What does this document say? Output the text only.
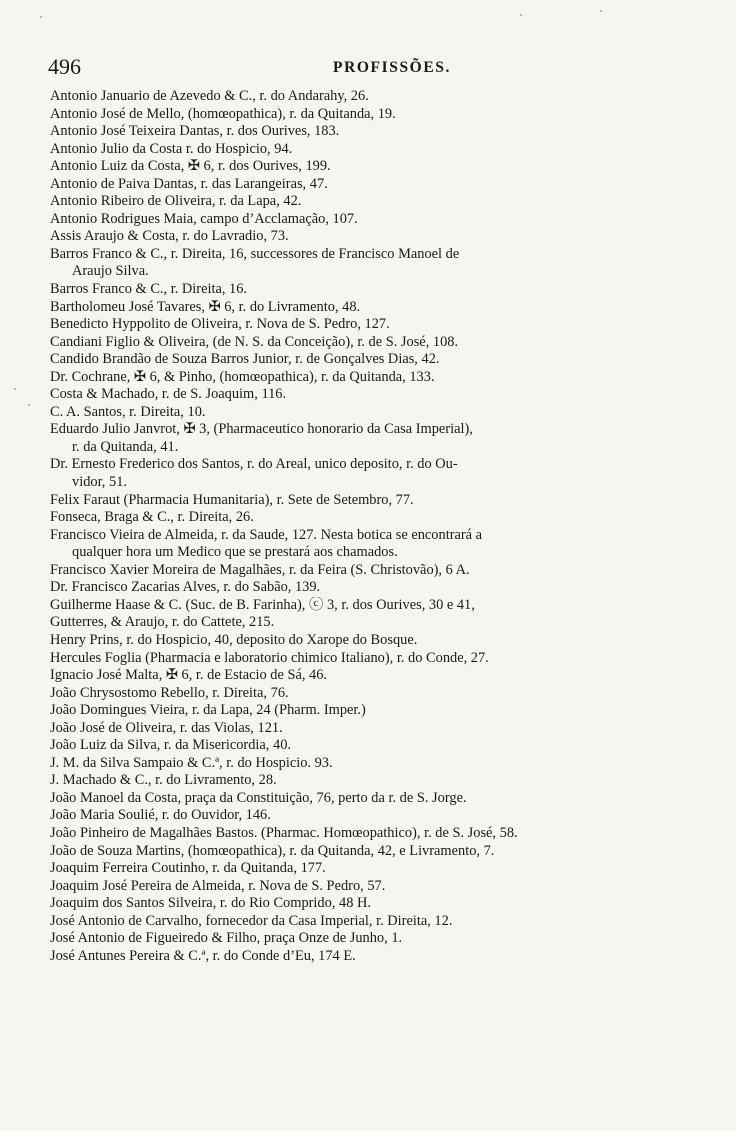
496	PROFISSÕES.
Antonio Januario de Azevedo & C., r. do Andarahy, 26.
Antonio José de Mello, (homœopathica), r. da Quitanda, 19.
Antonio José Teixeira Dantas, r. dos Ourives, 183.
Antonio Julio da Costa r. do Hospicio, 94.
Antonio Luiz da Costa, ✠ 6, r. dos Ourives, 199.
Antonio de Paiva Dantas, r. das Larangeiras, 47.
Antonio Ribeiro de Oliveira, r. da Lapa, 42.
Antonio Rodrigues Maia, campo d’Acclamação, 107.
Assis Araujo & Costa, r. do Lavradio, 73.
Barros Franco & C., r. Direita, 16, successores de Francisco Manoel de
Araujo Silva.
Barros Franco & C., r. Direita, 16.
Bartholomeu José Tavares, ✠ 6, r. do Livramento, 48.
Benedicto Hyppolito de Oliveira, r. Nova de S. Pedro, 127.
Candiani Figlio & Oliveira, (de N. S. da Conceição), r. de S. José, 108.
Candido Brandão de Souza Barros Junior, r. de Gonçalves Dias, 42.
Dr. Cochrane, ✠ 6, & Pinho, (homœopathica), r. da Quitanda, 133.
Costa & Machado, r. de S. Joaquim, 116.
C. A. Santos, r. Direita, 10.
Eduardo Julio Janvrot, ✠ 3, (Pharmaceutico honorario da Casa Imperial),
r. da Quitanda, 41.
Dr. Ernesto Frederico dos Santos, r. do Areal, unico deposito, r. do Ou-
vidor, 51.
Felix Faraut (Pharmacia Humanitaria), r. Sete de Setembro, 77.
Fonseca, Braga & C., r. Direita, 26.
Francisco Vieira de Almeida, r. da Saude, 127. Nesta botica se encontrará a
qualquer hora um Medico que se prestará aos chamados.
Francisco Xavier Moreira de Magalhães, r. da Feira (S. Christovão), 6 A.
Dr. Francisco Zacarias Alves, r. do Sabão, 139.
Guilherme Haase & C. (Suc. de B. Farinha), ⓒ 3, r. dos Ourives, 30 e 41,
Gutterres, & Araujo, r. do Cattete, 215.
Henry Prins, r. do Hospicio, 40, deposito do Xarope do Bosque.
Hercules Foglia (Pharmacia e laboratorio chimico Italiano), r. do Conde, 27.
Ignacio José Malta, ✠ 6, r. de Estacio de Sá, 46.
João Chrysostomo Rebello, r. Direita, 76.
João Domingues Vieira, r. da Lapa, 24 (Pharm. Imper.)
João José de Oliveira, r. das Violas, 121.
João Luiz da Silva, r. da Misericordia, 40.
J. M. da Silva Sampaio & C.ª, r. do Hospicio. 93.
J. Machado & C., r. do Livramento, 28.
João Manoel da Costa, praça da Constituição, 76, perto da r. de S. Jorge.
João Maria Soulié, r. do Ouvidor, 146.
João Pinheiro de Magalhães Bastos. (Pharmac. Homœopathico), r. de S. José, 58.
João de Souza Martins, (homœopathica), r. da Quitanda, 42, e Livramento, 7.
Joaquim Ferreira Coutinho, r. da Quitanda, 177.
Joaquim José Pereira de Almeida, r. Nova de S. Pedro, 57.
Joaquim dos Santos Silveira, r. do Rio Comprido, 48 H.
José Antonio de Carvalho, fornecedor da Casa Imperial, r. Direita, 12.
José Antonio de Figueiredo & Filho, praça Onze de Junho, 1.
José Antunes Pereira & C.ª, r. do Conde d’Eu, 174 E.
